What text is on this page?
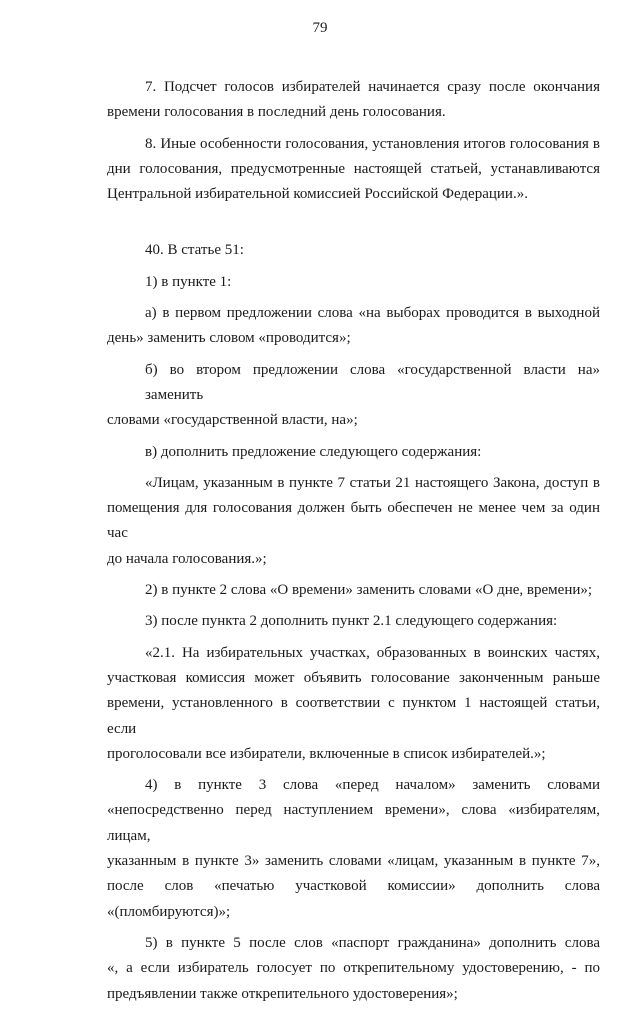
79
7. Подсчет голосов избирателей начинается сразу после окончания
времени голосования в последний день голосования.
8. Иные особенности голосования, установления итогов голосования в
дни голосования, предусмотренные настоящей статьей, устанавливаются
Центральной избирательной комиссией Российской Федерации.».
40. В статье 51:
1) в пункте 1:
а) в первом предложении слова «на выборах проводится в выходной
день» заменить словом «проводится»;
б) во втором предложении слова «государственной власти на» заменить
словами «государственной власти, на»;
в) дополнить предложение следующего содержания:
«Лицам, указанным в пункте 7 статьи 21 настоящего Закона, доступ в
помещения для голосования должен быть обеспечен не менее чем за один час
до начала голосования.»;
2) в пункте 2 слова «О времени» заменить словами «О дне, времени»;
3) после пункта 2 дополнить пункт 2.1 следующего содержания:
«2.1. На избирательных участках, образованных в воинских частях,
участковая комиссия может объявить голосование законченным раньше
времени, установленного в соответствии с пунктом 1 настоящей статьи, если
проголосовали все избиратели, включенные в список избирателей.»;
4) в пункте 3 слова «перед началом» заменить словами
«непосредственно перед наступлением времени», слова «избирателям, лицам,
указанным в пункте 3» заменить словами «лицам, указанным в пункте 7»,
после слов «печатью участковой комиссии» дополнить слова
«(пломбируются)»;
5) в пункте 5 после слов «паспорт гражданина» дополнить слова
«, а если избиратель голосует по открепительному удостоверению, - по
предъявлении также открепительного удостоверения»;
